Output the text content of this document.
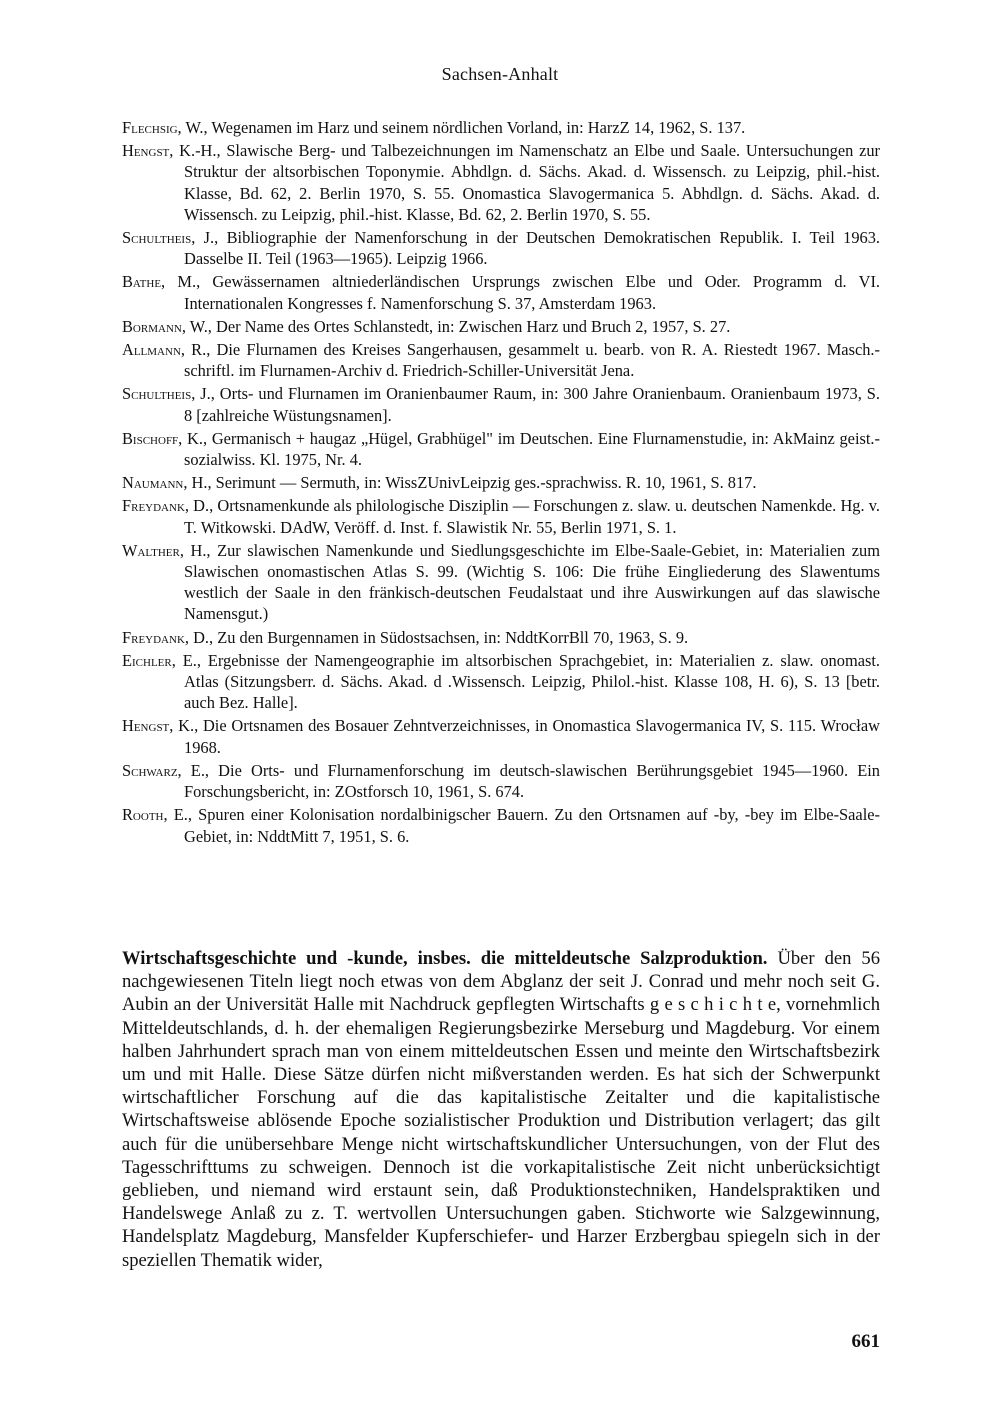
Sachsen-Anhalt

Flechsig, W., Wegenamen im Harz und seinem nördlichen Vorland, in: HarzZ 14, 1962, S. 137.

Hengst, K.-H., Slawische Berg- und Talbezeichnungen im Namenschatz an Elbe und Saale. Untersuchungen zur Struktur der altsorbischen Toponymie. Abhdlgn. d. Sächs. Akad. d. Wissensch. zu Leipzig, phil.-hist. Klasse, Bd. 62, 2. Berlin 1970, S. 55. Onomastica Slavogermanica 5. Abhdlgn. d. Sächs. Akad. d. Wissensch. zu Leipzig, phil.-hist. Klasse, Bd. 62, 2. Berlin 1970, S. 55.

Schultheis, J., Bibliographie der Namenforschung in der Deutschen Demokratischen Republik. I. Teil 1963. Dasselbe II. Teil (1963—1965). Leipzig 1966.

Bathe, M., Gewässernamen altniederländischen Ursprungs zwischen Elbe und Oder. Programm d. VI. Internationalen Kongresses f. Namenforschung S. 37, Amsterdam 1963.

Bormann, W., Der Name des Ortes Schlanstedt, in: Zwischen Harz und Bruch 2, 1957, S. 27.

Allmann, R., Die Flurnamen des Kreises Sangerhausen, gesammelt u. bearb. von R. A. Riestedt 1967. Masch.-schriftl. im Flurnamen-Archiv d. Friedrich-Schiller-Universität Jena.

Schultheis, J., Orts- und Flurnamen im Oranienbaumer Raum, in: 300 Jahre Oranienbaum. Oranienbaum 1973, S. 8 [zahlreiche Wüstungsnamen].

Bischoff, K., Germanisch + haugaz „Hügel, Grabhügel" im Deutschen. Eine Flurnamenstudie, in: AkMainz geist.-sozialwiss. Kl. 1975, Nr. 4.

Naumann, H., Serimunt — Sermuth, in: WissZUnivLeipzig ges.-sprachwiss. R. 10, 1961, S. 817.

Freydank, D., Ortsnamenkunde als philologische Disziplin — Forschungen z. slaw. u. deutschen Namenkde. Hg. v. T. Witkowski. DAdW, Veröff. d. Inst. f. Slawistik Nr. 55, Berlin 1971, S. 1.

Walther, H., Zur slawischen Namenkunde und Siedlungsgeschichte im Elbe-Saale-Gebiet, in: Materialien zum Slawischen onomastischen Atlas S. 99. (Wichtig S. 106: Die frühe Eingliederung des Slawentums westlich der Saale in den fränkisch-deutschen Feudalstaat und ihre Auswirkungen auf das slawische Namensgut.)

Freydank, D., Zu den Burgennamen in Südostsachsen, in: NddtKorrBll 70, 1963, S. 9.

Eichler, E., Ergebnisse der Namengeographie im altsorbischen Sprachgebiet, in: Materialien z. slaw. onomast. Atlas (Sitzungsberr. d. Sächs. Akad. d .Wissensch. Leipzig, Philol.-hist. Klasse 108, H. 6), S. 13 [betr. auch Bez. Halle].

Hengst, K., Die Ortsnamen des Bosauer Zehntverzeichnisses, in Onomastica Slavogermanica IV, S. 115. Wrocław 1968.

Schwarz, E., Die Orts- und Flurnamenforschung im deutsch-slawischen Berührungsgebiet 1945—1960. Ein Forschungsbericht, in: ZOstforsch 10, 1961, S. 674.

Rooth, E., Spuren einer Kolonisation nordalbinigscher Bauern. Zu den Ortsnamen auf -by, -bey im Elbe-Saale-Gebiet, in: NddtMitt 7, 1951, S. 6.

Wirtschaftsgeschichte und -kunde, insbes. die mitteldeutsche Salzproduktion. Über den 56 nachgewiesenen Titeln liegt noch etwas von dem Abglanz der seit J. Conrad und mehr noch seit G. Aubin an der Universität Halle mit Nachdruck gepflegten Wirtschafts g e s c h i c h t e, vornehmlich Mitteldeutschlands, d. h. der ehemaligen Regierungsbezirke Merseburg und Magdeburg. Vor einem halben Jahrhundert sprach man von einem mitteldeutschen Essen und meinte den Wirtschaftsbezirk um und mit Halle. Diese Sätze dürfen nicht mißverstanden werden. Es hat sich der Schwerpunkt wirtschaftlicher Forschung auf die das kapitalistische Zeitalter und die kapitalistische Wirtschaftsweise ablösende Epoche sozialistischer Produktion und Distribution verlagert; das gilt auch für die unübersehbare Menge nicht wirtschaftskundlicher Untersuchungen, von der Flut des Tagesschrifttums zu schweigen. Dennoch ist die vorkapitalistische Zeit nicht unberücksichtigt geblieben, und niemand wird erstaunt sein, daß Produktionstechniken, Handelspraktiken und Handelswege Anlaß zu z. T. wertvollen Untersuchungen gaben. Stichworte wie Salzgewinnung, Handelsplatz Magdeburg, Mansfelder Kupferschiefer- und Harzer Erzbergbau spiegeln sich in der speziellen Thematik wider,
661
